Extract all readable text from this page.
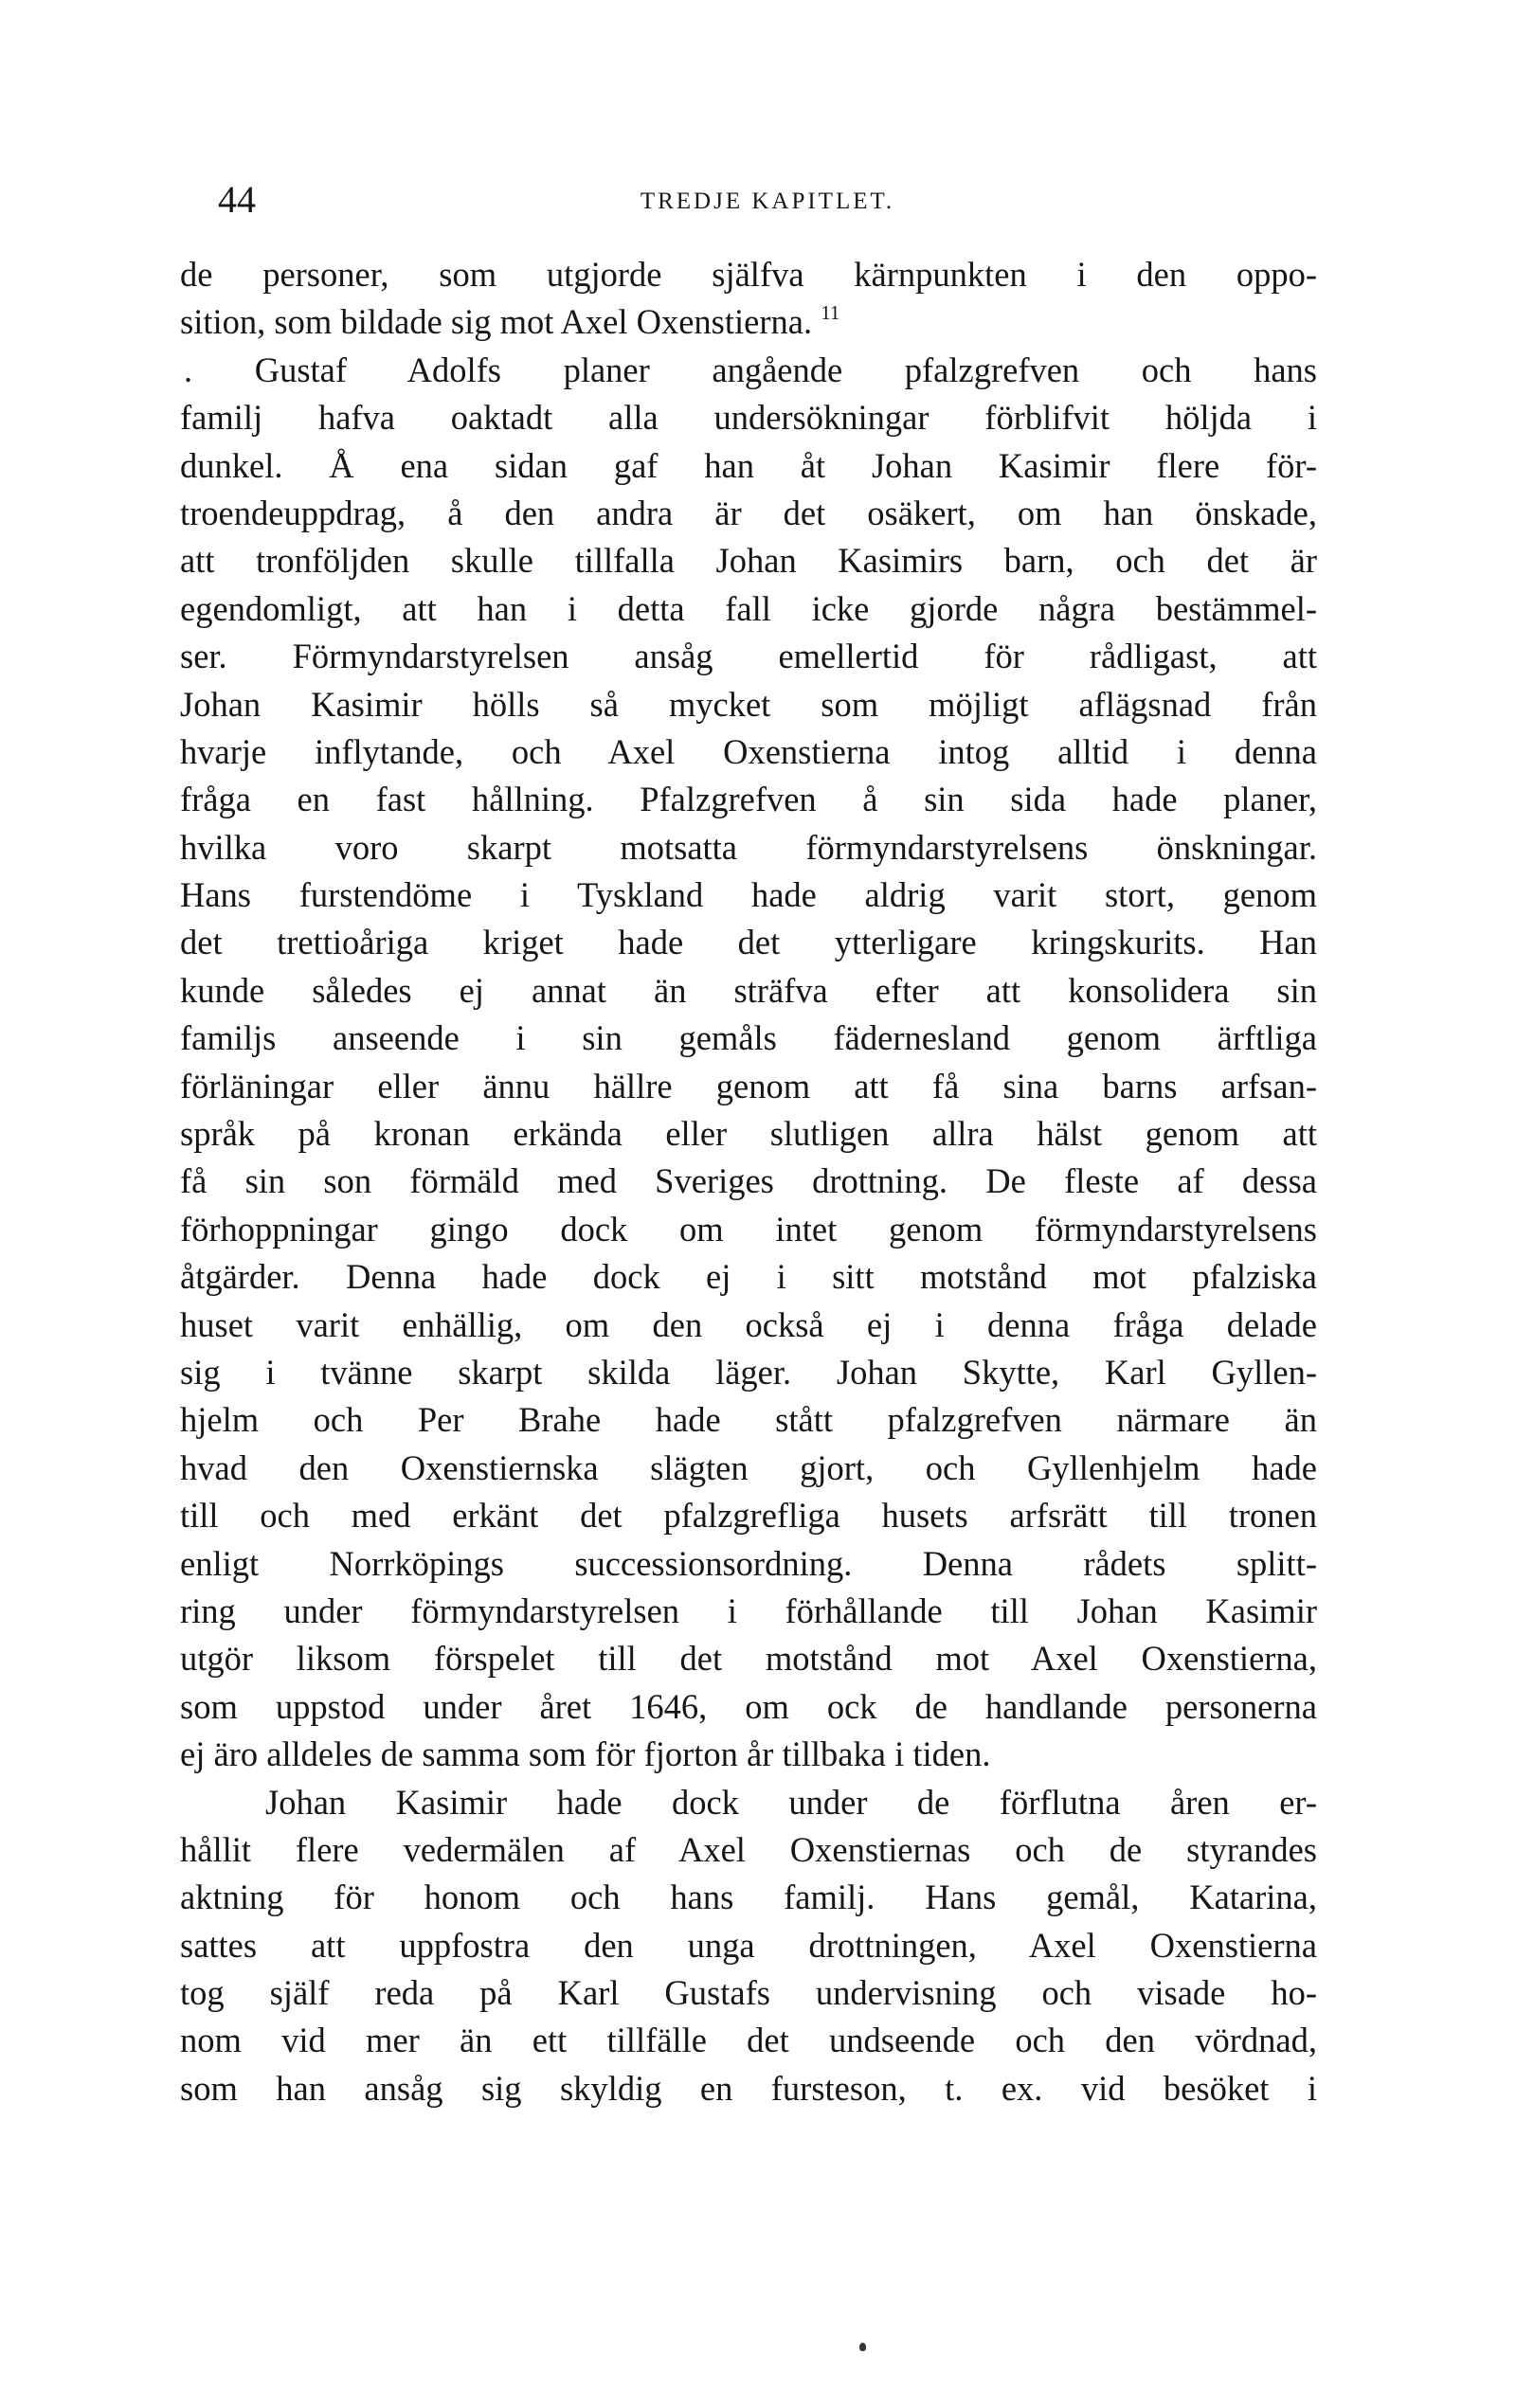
44	TREDJE KAPITLET.
de personer, som utgjorde själfva kärnpunkten i den oppo-
sition, som bildade sig mot Axel Oxenstierna. $^{11}$
. Gustaf Adolfs planer angående pfalzgrefven och hans
familj hafva oaktadt alla undersökningar förblifvit höljda i
dunkel. Å ena sidan gaf han åt Johan Kasimir flere för-
troendeuppdrag, å den andra är det osäkert, om han önskade,
att tronföljden skulle tillfalla Johan Kasimirs barn, och det är
egendomligt, att han i detta fall icke gjorde några bestämmel-
ser. Förmyndarstyrelsen ansåg emellertid för rådligast, att
Johan Kasimir hölls så mycket som möjligt aflägsnad från
hvarje inflytande, och Axel Oxenstierna intog alltid i denna
fråga en fast hållning. Pfalzgrefven å sin sida hade planer,
hvilka voro skarpt motsatta förmyndarstyrelsens önskningar.
Hans furstendöme i Tyskland hade aldrig varit stort, genom
det trettioåriga kriget hade det ytterligare kringskurits. Han
kunde således ej annat än sträfva efter att konsolidera sin
familjs anseende i sin gemåls fädernesland genom ärftliga
förläningar eller ännu hällre genom att få sina barns arfsan-
språk på kronan erkända eller slutligen allra hälst genom att
få sin son förmäld med Sveriges drottning. De fleste af dessa
förhoppningar gingo dock om intet genom förmyndarstyrelsens
åtgärder. Denna hade dock ej i sitt motstånd mot pfalziska
huset varit enhällig, om den också ej i denna fråga delade
sig i tvänne skarpt skilda läger. Johan Skytte, Karl Gyllen-
hjelm och Per Brahe hade stått pfalzgrefven närmare än
hvad den Oxenstiernska slägten gjort, och Gyllenhjelm hade
till och med erkänt det pfalzgrefliga husets arfsrätt till tronen
enligt Norrköpings successionsordning. Denna rådets splitt-
ring under förmyndarstyrelsen i förhållande till Johan Kasimir
utgör liksom förspelet till det motstånd mot Axel Oxenstierna,
som uppstod under året 1646, om ock de handlande personerna
ej äro alldeles de samma som för fjorton år tillbaka i tiden.
Johan Kasimir hade dock under de förflutna åren er-
hållit flere vedermälen af Axel Oxenstiernas och de styrandes
aktning för honom och hans familj. Hans gemål, Katarina,
sattes att uppfostra den unga drottningen, Axel Oxenstierna
tog själf reda på Karl Gustafs undervisning och visade ho-
nom vid mer än ett tillfälle det undseende och den vördnad,
som han ansåg sig skyldig en fursteson, t. ex. vid besöket i
